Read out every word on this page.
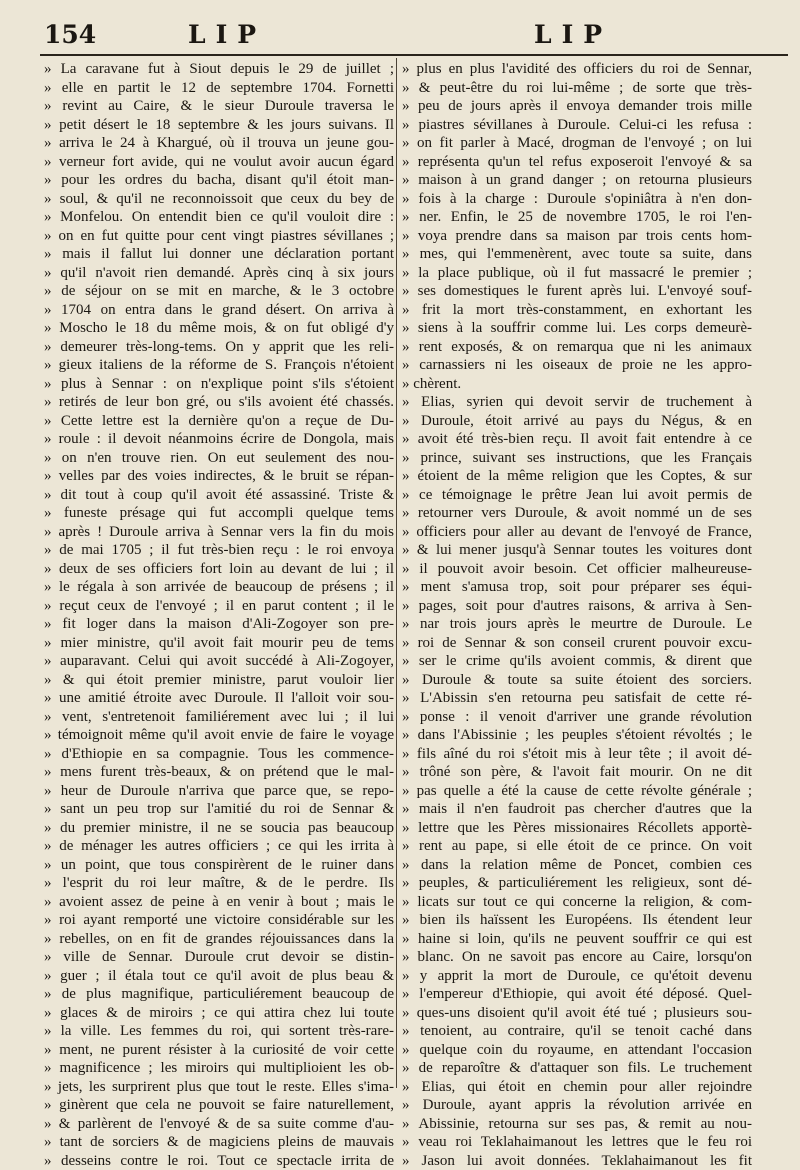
154	LIP	LIP
» La caravane fut à Siout depuis le 29 de juillet ;
» elle en partit le 12 de septembre 1704. Fornetti
» revint au Caire, & le sieur Duroule traversa le
» petit désert le 18 septembre & les jours suivans. Il
» arriva le 24 à Khargué, où il trouva un jeune gou-
» verneur fort avide, qui ne voulut avoir aucun égard
» pour les ordres du bacha, disant qu'il étoit man-
» soul, & qu'il ne reconnoissoit que ceux du bey de
» Monfelou. On entendit bien ce qu'il vouloit dire :
» on en fut quitte pour cent vingt piastres sévillanes ;
» mais il fallut lui donner une déclaration portant
» qu'il n'avoit rien demandé. Après cinq à six jours
» de séjour on se mit en marche, & le 3 octobre
» 1704 on entra dans le grand désert. On arriva à
» Moscho le 18 du même mois, & on fut obligé d'y
» demeurer très-long-tems. On y apprit que les reli-
» gieux italiens de la réforme de S. François n'étoient
» plus à Sennar : on n'explique point s'ils s'étoient
» retirés de leur bon gré, ou s'ils avoient été chassés.
» Cette lettre est la dernière qu'on a reçue de Du-
» roule : il devoit néanmoins écrire de Dongola, mais
» on n'en trouve rien. On eut seulement des nou-
» velles par des voies indirectes, & le bruit se répan-
» dit tout à coup qu'il avoit été assassiné. Triste &
» funeste présage qui fut accompli quelque tems
» après ! Duroule arriva à Sennar vers la fin du mois
» de mai 1705 ; il fut très-bien reçu : le roi envoya
» deux de ses officiers fort loin au devant de lui ; il
» le régala à son arrivée de beaucoup de présens ; il
» reçut ceux de l'envoyé ; il en parut content ; il le
» fit loger dans la maison d'Ali-Zogoyer son pre-
» mier ministre, qu'il avoit fait mourir peu de tems
» auparavant. Celui qui avoit succédé à Ali-Zogoyer,
» & qui étoit premier ministre, parut vouloir lier
» une amitié étroite avec Duroule. Il l'alloit voir sou-
» vent, s'entretenoit familiérement avec lui ; il lui
» témoignoit même qu'il avoit envie de faire le voyage
» d'Ethiopie en sa compagnie. Tous les commence-
» mens furent très-beaux, & on prétend que le mal-
» heur de Duroule n'arriva que parce que, se repo-
» sant un peu trop sur l'amitié du roi de Sennar &
» du premier ministre, il ne se soucia pas beaucoup
» de ménager les autres officiers ; ce qui les irrita à
» un point, que tous conspirèrent de le ruiner dans
» l'esprit du roi leur maître, & de le perdre. Ils
» avoient assez de peine à en venir à bout ; mais le
» roi ayant remporté une victoire considérable sur les
» rebelles, on en fit de grandes réjouissances dans la
» ville de Sennar. Duroule crut devoir se distin-
» guer ; il étala tout ce qu'il avoit de plus beau &
» de plus magnifique, particuliérement beaucoup de
» glaces & de miroirs ; ce qui attira chez lui toute
» la ville. Les femmes du roi, qui sortent très-rare-
» ment, ne purent résister à la curiosité de voir cette
» magnificence ; les miroirs qui multiplioient les ob-
» jets, les surprirent plus que tout le reste. Elles s'ima-
» ginèrent que cela ne pouvoit se faire naturellement,
» & parlèrent de l'envoyé & de sa suite comme d'au-
» tant de sorciers & de magiciens pleins de mauvais
» desseins contre le roi. Tout ce spectacle irrita de
» plus en plus l'avidité des officiers du roi de Sennar,
» & peut-être du roi lui-même ; de sorte que très-
» peu de jours après il envoya demander trois mille
» piastres sévillanes à Duroule. Celui-ci les refusa :
» on fit parler à Macé, drogman de l'envoyé ; on lui
» représenta qu'un tel refus exposeroit l'envoyé & sa
» maison à un grand danger ; on retourna plusieurs
» fois à la charge : Duroule s'opiniâtra à n'en don-
» ner. Enfin, le 25 de novembre 1705, le roi l'en-
» voya prendre dans sa maison par trois cents hom-
» mes, qui l'emmenèrent, avec toute sa suite, dans
» la place publique, où il fut massacré le premier ;
» ses domestiques le furent après lui. L'envoyé souf-
» frit la mort très-constamment, en exhortant les
» siens à la souffrir comme lui. Les corps demeurè-
» rent exposés, & on remarqua que ni les animaux
» carnassiers ni les oiseaux de proie ne les appro-
» chèrent.
» Elias, syrien qui devoit servir de truchement à
» Duroule, étoit arrivé au pays du Négus, & en
» avoit été très-bien reçu. Il avoit fait entendre à ce
» prince, suivant ses instructions, que les Français
» étoient de la même religion que les Coptes, & sur
» ce témoignage le prêtre Jean lui avoit permis de
» retourner vers Duroule, & avoit nommé un de ses
» officiers pour aller au devant de l'envoyé de France,
» & lui mener jusqu'à Sennar toutes les voitures dont
» il pouvoit avoir besoin. Cet officier malheureuse-
» ment s'amusa trop, soit pour préparer ses équi-
» pages, soit pour d'autres raisons, & arriva à Sen-
» nar trois jours après le meurtre de Duroule. Le
» roi de Sennar & son conseil crurent pouvoir excu-
» ser le crime qu'ils avoient commis, & dirent que
» Duroule & toute sa suite étoient des sorciers.
» L'Abissin s'en retourna peu satisfait de cette ré-
» ponse : il venoit d'arriver une grande révolution
» dans l'Abissinie ; les peuples s'étoient révoltés ; le
» fils aîné du roi s'étoit mis à leur tête ; il avoit dé-
» trôné son père, & l'avoit fait mourir. On ne dit
» pas quelle a été la cause de cette révolte générale ;
» mais il n'en faudroit pas chercher d'autres que la
» lettre que les Pères missionaires Récollets apportè-
» rent au pape, si elle étoit de ce prince. On voit
» dans la relation même de Poncet, combien ces
» peuples, & particuliérement les religieux, sont dé-
» licats sur tout ce qui concerne la religion, & com-
» bien ils haïssent les Européens. Ils étendent leur
» haine si loin, qu'ils ne peuvent souffrir ce qui est
» blanc. On ne savoit pas encore au Caire, lorsqu'on
» y apprit la mort de Duroule, ce qu'étoit devenu
» l'empereur d'Ethiopie, qui avoit été déposé. Quel-
» ques-uns disoient qu'il avoit été tué ; plusieurs sou-
» tenoient, au contraire, qu'il se tenoit caché dans
» quelque coin du royaume, en attendant l'occasion
» de reparoître & d'attaquer son fils. Le truchement
» Elias, qui étoit en chemin pour aller rejoindre
» Duroule, ayant appris la révolution arrivée en
» Abissinie, retourna sur ses pas, & remit au nou-
» veau roi Teklahaimanout les lettres que le feu roi
» Jason lui avoit données. Teklahaimanout les fit
